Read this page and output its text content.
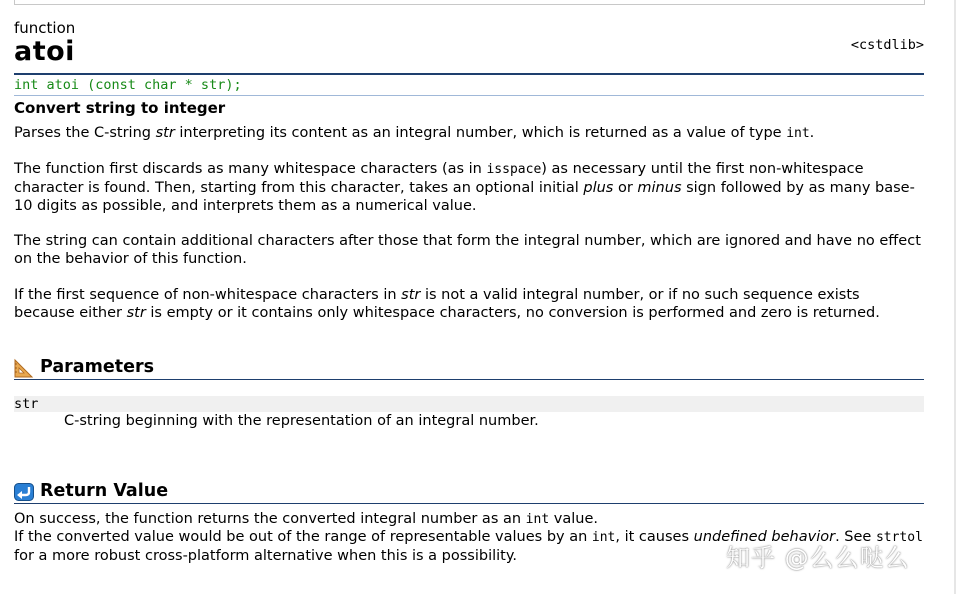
function
atoi	<cstdlib>
int atoi (const char * str);
Convert string to integer

Parses the C-string str interpreting its content as an integral number, which is returned as a value of type int.

The function first discards as many whitespace characters (as in isspace) as necessary until the first non-whitespace character is found. Then, starting from this character, takes an optional initial plus or minus sign followed by as many base-10 digits as possible, and interprets them as a numerical value.

The string can contain additional characters after those that form the integral number, which are ignored and have no effect on the behavior of this function.

If the first sequence of non-whitespace characters in str is not a valid integral number, or if no such sequence exists because either str is empty or it contains only whitespace characters, no conversion is performed and zero is returned.

Parameters
str
C-string beginning with the representation of an integral number.
Return Value

On success, the function returns the converted integral number as an int value.

If the converted value would be out of the range of representable values by an int, it causes undefined behavior. See strtol for a more robust cross-platform alternative when this is a possibility.	知乎 @么么哒么
